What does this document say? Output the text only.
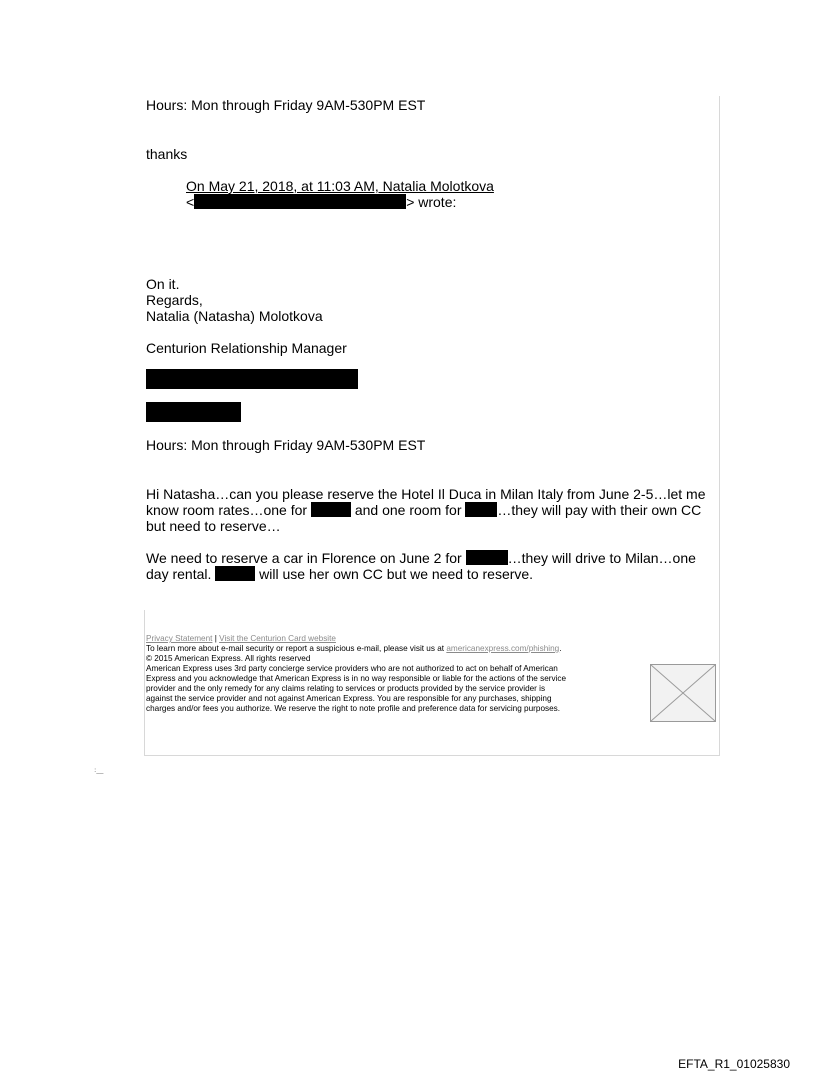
Hours: Mon through Friday 9AM-530PM EST

thanks

On May 21, 2018, at 11:03 AM, Natalia Molotkova

<	> wrote:

On it.

Regards,

Natalia (Natasha) Molotkova

Centurion Relationship Manager

Hours: Mon through Friday 9AM-530PM EST

Hi Natasha…can you please reserve the Hotel Il Duca in Milan Italy from June 2-5…let me

know room rates…one for	and one room for	…they will pay with their own CC

but need to reserve…

We need to reserve a car in Florence on June 2 for	…they will drive to Milan…one

day rental.	will use her own CC but we need to reserve.

Privacy Statement | Visit the Centurion Card website

To learn more about e-mail security or report a suspicious e-mail, please visit us at americanexpress.com/phishing.

© 2015 American Express. All rights reserved

American Express uses 3rd party concierge service providers who are not authorized to act on behalf of American

Express and you acknowledge that American Express is in no way responsible or liable for the actions of the service

provider and the only remedy for any claims relating to services or products provided by the service provider is

against the service provider and not against American Express. You are responsible for any purchases, shipping

charges and/or fees you authorize. We reserve the right to note profile and preference data for servicing purposes.

:__
EFTA_R1_01025830
